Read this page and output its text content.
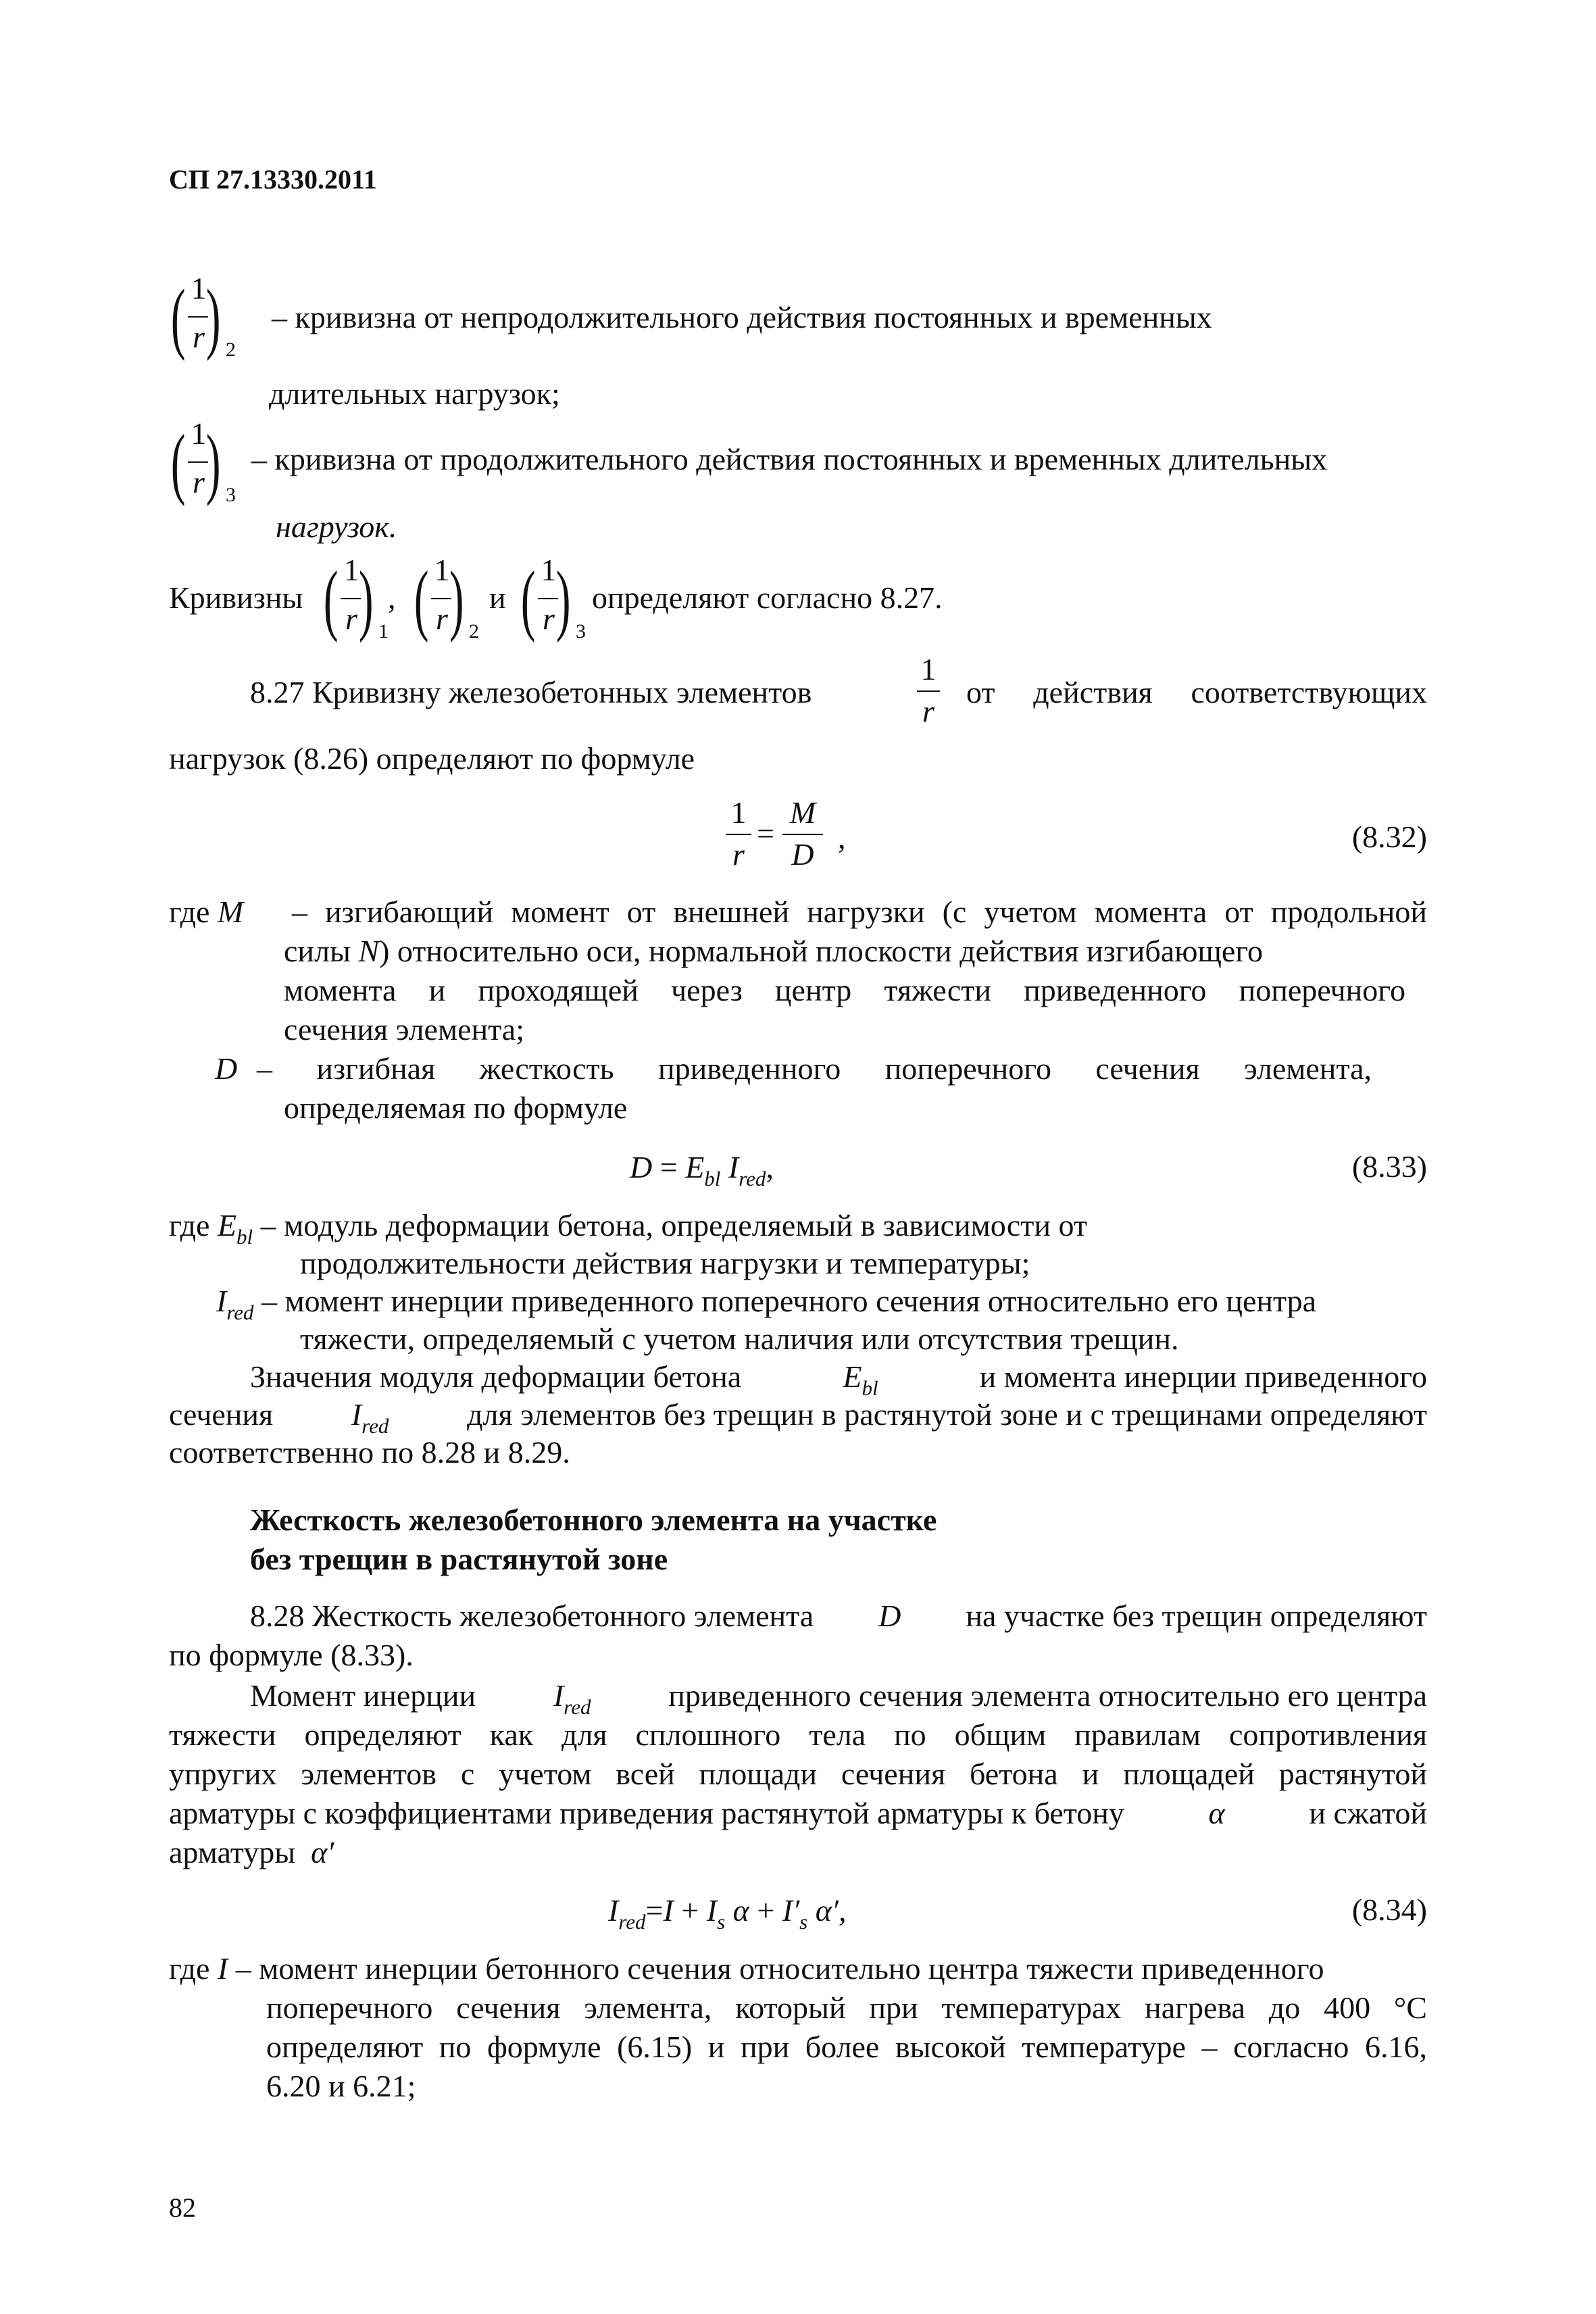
СП 27.13330.2011
( 1
r ) 2
– кривизна от непродолжительного действия постоянных и временных
длительных нагрузок;
( 1
r ) 3
– кривизна от продолжительного действия постоянных и временных длительных
нагрузок.
Кривизны ( 1
r ) 1
, ( 1
r ) 2
и ( 1
r ) 3
определяют согласно 8.27.
8.27 Кривизну железобетонных элементов
1
r
от действия соответствующих
нагрузок (8.26) определяют по формуле
1
r
=
M
D ,	(8.32)
где M – изгибающий момент от внешней нагрузки (с учетом момента от продольной
силы
N ) относительно оси, нормальной плоскости действия изгибающего
момента и проходящей через центр тяжести приведенного поперечного
сечения элемента;
D – изгибная жесткость приведенного поперечного сечения элемента,
определяемая по формуле
$D = E_{bl}$ $I_{red}$,	(8.33)
где $E_{bl}$ – модуль деформации бетона, определяемый в зависимости от
продолжительности действия нагрузки и температуры;
$I_{red}$ – момент инерции приведенного поперечного сечения относительно его центра
тяжести, определяемый с учетом наличия или отсутствия трещин.
Значения модуля деформации бетона	$E_{bl}$	и момента инерции приведенного
сечения	$I_{red}$	для элементов без трещин в растянутой зоне и с трещинами определяют
соответственно по 8.28 и 8.29.
Жесткость железобетонного элемента на участке
без трещин в растянутой зоне
8.28 Жесткость железобетонного элемента D на участке без трещин определяют
по формуле (8.33).
Момент инерции $I_{red}$ приведенного сечения элемента относительно его центра
тяжести определяют как для сплошного тела по общим правилам сопротивления
упругих элементов с учетом всей площади сечения бетона и площадей растянутой
арматуры с коэффициентами приведения растянутой арматуры к бетону	α	и сжатой
арматуры α′
$I_{red}=I + I_s$ $\alpha + I'_s$ α′,	(8.34)
где I – момент инерции бетонного сечения относительно центра тяжести приведенного
поперечного сечения элемента, который при температурах нагрева до 400 °С
определяют по формуле (6.15) и при более высокой температуре – согласно 6.16,
6.20 и 6.21;
82
